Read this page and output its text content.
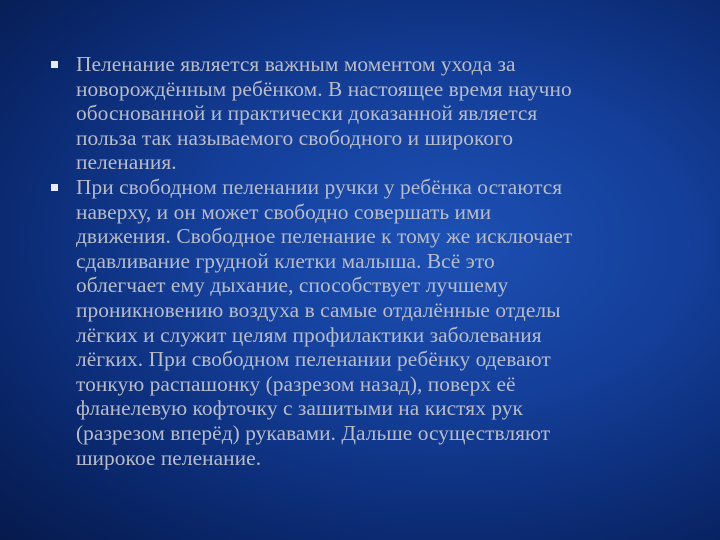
Пеленание является важным моментом ухода за
новорождённым ребёнком. В настоящее время научно
обоснованной и практически доказанной является
польза так называемого свободного и широкого
пеленания.
При свободном пеленании ручки у ребёнка остаются
наверху, и он может свободно совершать ими
движения. Свободное пеленание к тому же исключает
сдавливание грудной клетки малыша. Всё это
облегчает ему дыхание, способствует лучшему
проникновению воздуха в самые отдалённые отделы
лёгких и служит целям профилактики заболевания
лёгких. При свободном пеленании ребёнку одевают
тонкую распашонку (разрезом назад), поверх её
фланелевую кофточку с зашитыми на кистях рук
(разрезом вперёд) рукавами. Дальше осуществляют
широкое пеленание.
